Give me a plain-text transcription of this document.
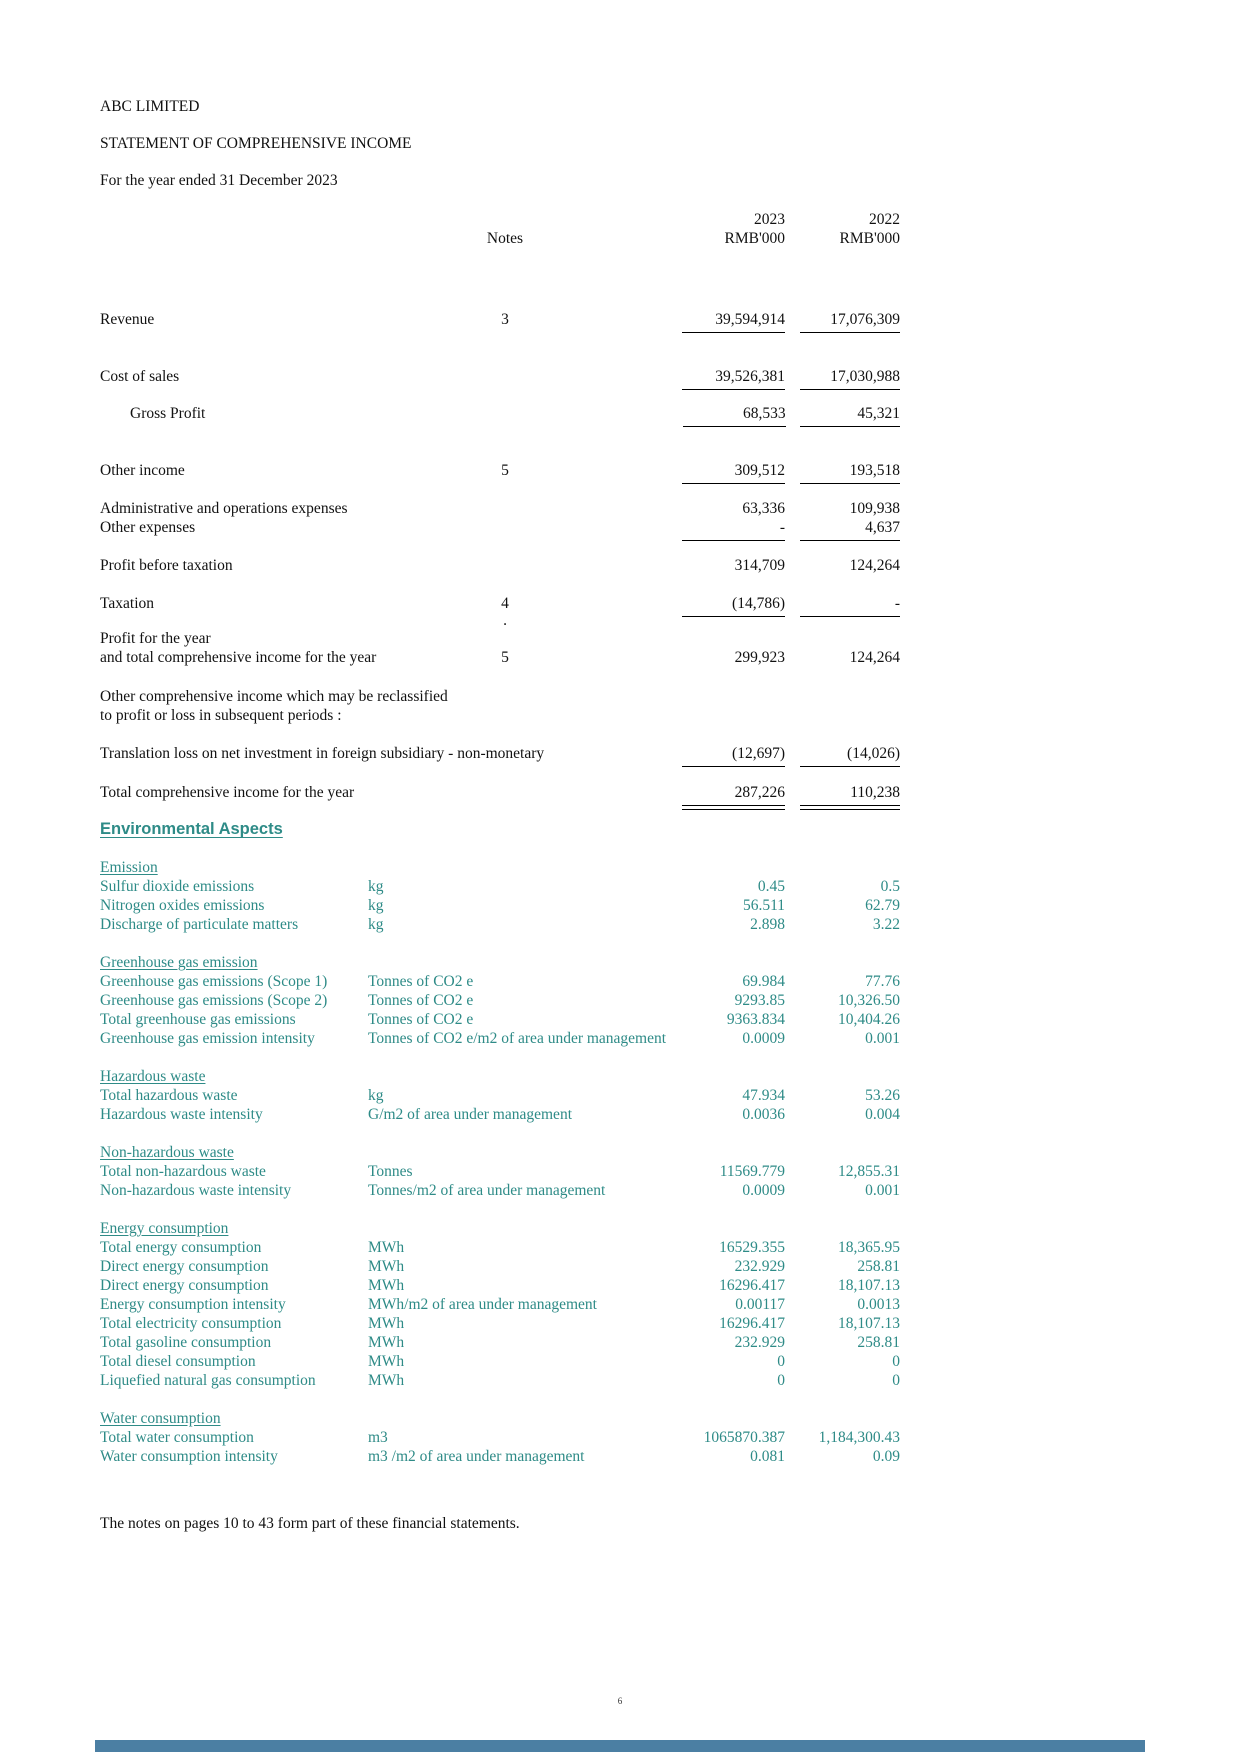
ABC LIMITED
STATEMENT OF COMPREHENSIVE INCOME
For the year ended 31 December 2023
2023	2022
Notes	RMB'000	RMB'000
Revenue	3	39,594,914	17,076,309
Cost of sales	39,526,381	17,030,988
Gross Profit	68,533	45,321
Other income	5	309,512	193,518
Administrative and operations expenses	63,336	109,938
Other expenses	-	4,637
Profit before taxation	314,709	124,264
Taxation	4	(14,786)	-
.
Profit for the year
and total comprehensive income for the year	5	299,923	124,264
Other comprehensive income which may be reclassified
to profit or loss in subsequent periods :
Translation loss on net investment in foreign subsidiary - non-monetary	(12,697)	(14,026)
Total comprehensive income for the year	287,226	110,238
Environmental Aspects
Emission
Sulfur dioxide emissions	kg	0.45	0.5
Nitrogen oxides emissions	kg	56.511	62.79
Discharge of particulate matters	kg	2.898	3.22
Greenhouse gas emission
Greenhouse gas emissions (Scope 1)	Tonnes of CO2 e	69.984	77.76
Greenhouse gas emissions (Scope 2)	Tonnes of CO2 e	9293.85	10,326.50
Total greenhouse gas emissions	Tonnes of CO2 e	9363.834	10,404.26
Greenhouse gas emission intensity	Tonnes of CO2 e/m2 of area under management	0.0009	0.001
Hazardous waste
Total hazardous waste	kg	47.934	53.26
Hazardous waste intensity	G/m2 of area under management	0.0036	0.004
Non-hazardous waste
Total non-hazardous waste	Tonnes	11569.779	12,855.31
Non-hazardous waste intensity	Tonnes/m2 of area under management	0.0009	0.001
Energy consumption
Total energy consumption	MWh	16529.355	18,365.95
Direct energy consumption	MWh	232.929	258.81
Direct energy consumption	MWh	16296.417	18,107.13
Energy consumption intensity	MWh/m2 of area under management	0.00117	0.0013
Total electricity consumption	MWh	16296.417	18,107.13
Total gasoline consumption	MWh	232.929	258.81
Total diesel consumption	MWh	0	0
Liquefied natural gas consumption	MWh	0	0
Water consumption
Total water consumption	m3	1065870.387	1,184,300.43
Water consumption intensity	m3 /m2 of area under management	0.081	0.09
The notes on pages 10 to 43 form part of these financial statements.
6
